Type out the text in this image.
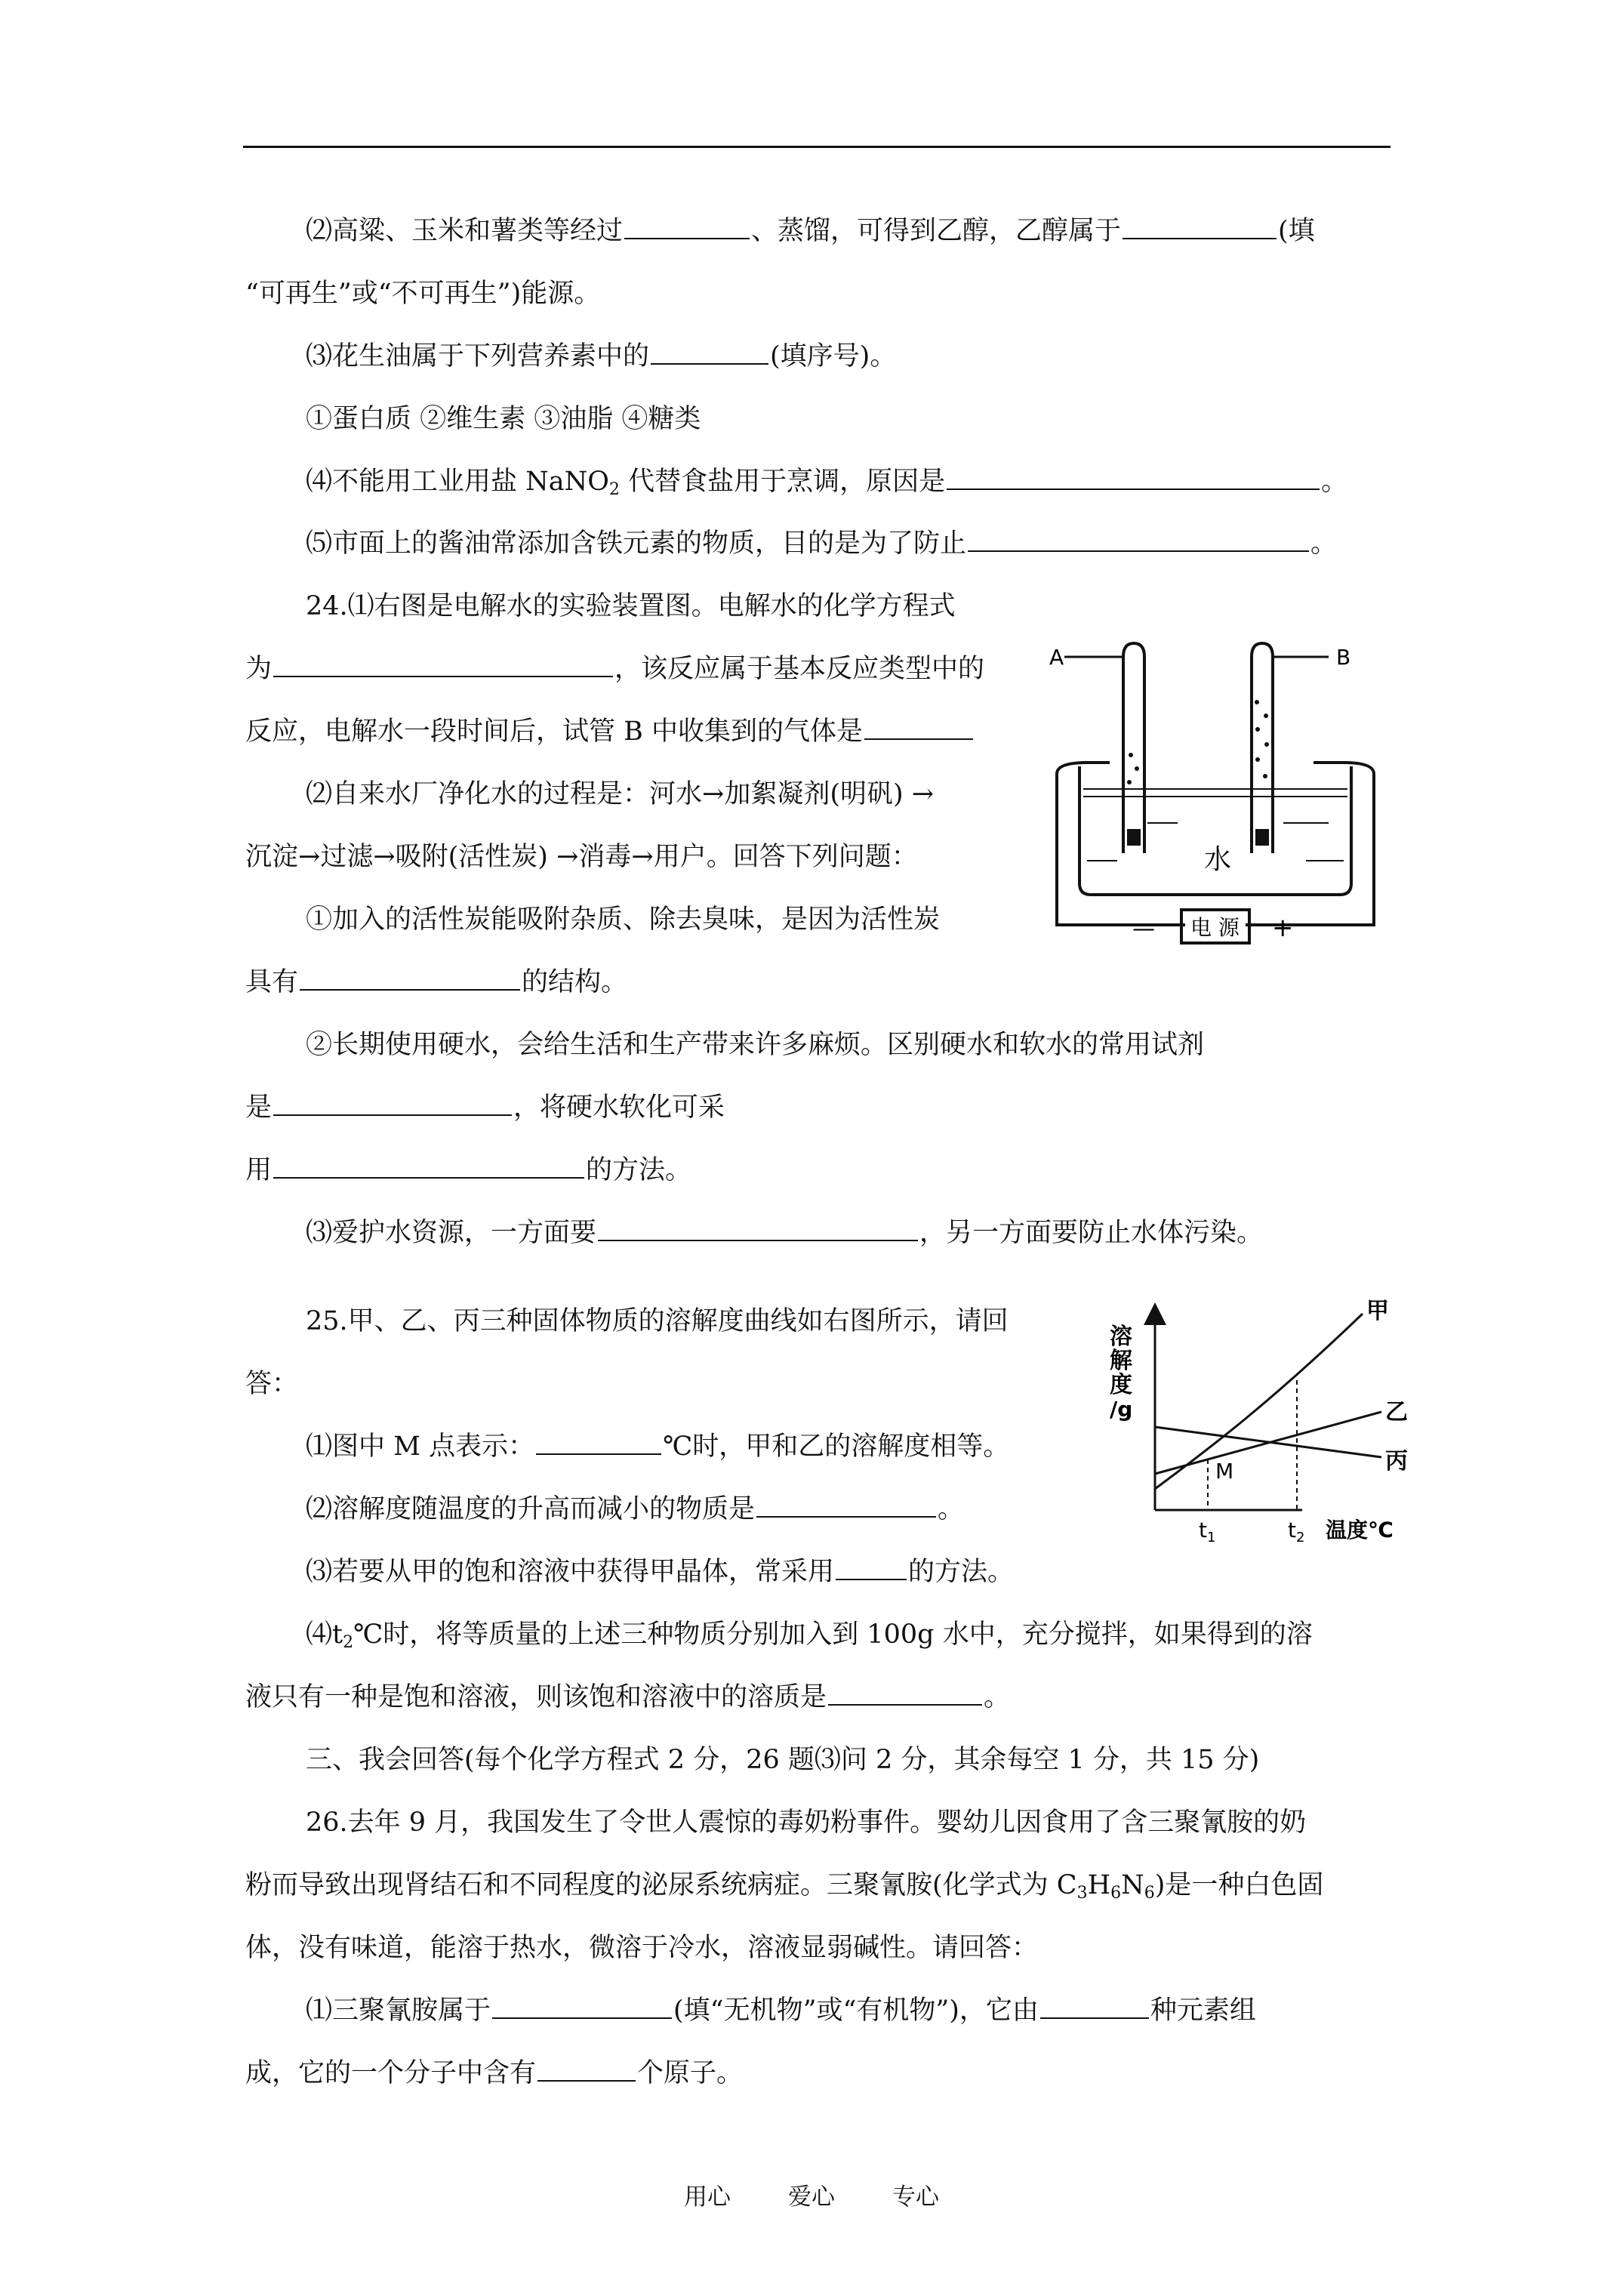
⑵高粱、玉米和薯类等经过	、蒸馏，可得到乙醇，乙醇属于	(填
“可再生”或“不可再生”)能源。
⑶花生油属于下列营养素中的	(填序号)。
①蛋白质 ②维生素 ③油脂 ④糖类
⑷不能用工业用盐 NaNO$_2$ 代替食盐用于烹调，原因是	。
⑸市面上的酱油常添加含铁元素的物质，目的是为了防止	。
24.⑴右图是电解水的实验装置图。电解水的化学方程式
为	，该反应属于基本反应类型中的
反应，电解水一段时间后，试管 B 中收集到的气体是
⑵自来水厂净化水的过程是：河水→加絮凝剂(明矾) →
沉淀→过滤→吸附(活性炭) →消毒→用户。回答下列问题：
①加入的活性炭能吸附杂质、除去臭味，是因为活性炭
具有	的结构。
②长期使用硬水，会给生活和生产带来许多麻烦。区别硬水和软水的常用试剂
是	，将硬水软化可采
用	的方法。
⑶爱护水资源，一方面要	，另一方面要防止水体污染。
A	B
水
电 源
—	+
25.甲、乙、丙三种固体物质的溶解度曲线如右图所示，请回
答：
⑴图中 M 点表示：	℃时，甲和乙的溶解度相等。
⑵溶解度随温度的升高而减小的物质是	。
⑶若要从甲的饱和溶液中获得甲晶体，常采用	的方法。
$⑷t_2℃$时，将等质量的上述三种物质分别加入到 100g 水中，充分搅拌，如果得到的溶
液只有一种是饱和溶液，则该饱和溶液中的溶质是	。
溶
解
度
/g
甲
乙
丙
M
$t_1$	$t_2$ 温度℃
三、我会回答(每个化学方程式 2 分，26 题⑶问 2 分，其余每空 1 分，共 15 分)
26.去年 9 月，我国发生了令世人震惊的毒奶粉事件。婴幼儿因食用了含三聚氰胺的奶
粉而导致出现肾结石和不同程度的泌尿系统病症。三聚氰胺(化学式为 $C_3H_6N_6$)是一种白色固
体，没有味道，能溶于热水，微溶于冷水，溶液显弱碱性。请回答：
⑴三聚氰胺属于	(填“无机物”或“有机物”)，它由	种元素组
成，它的一个分子中含有	个原子。
用心 爱心 专心
